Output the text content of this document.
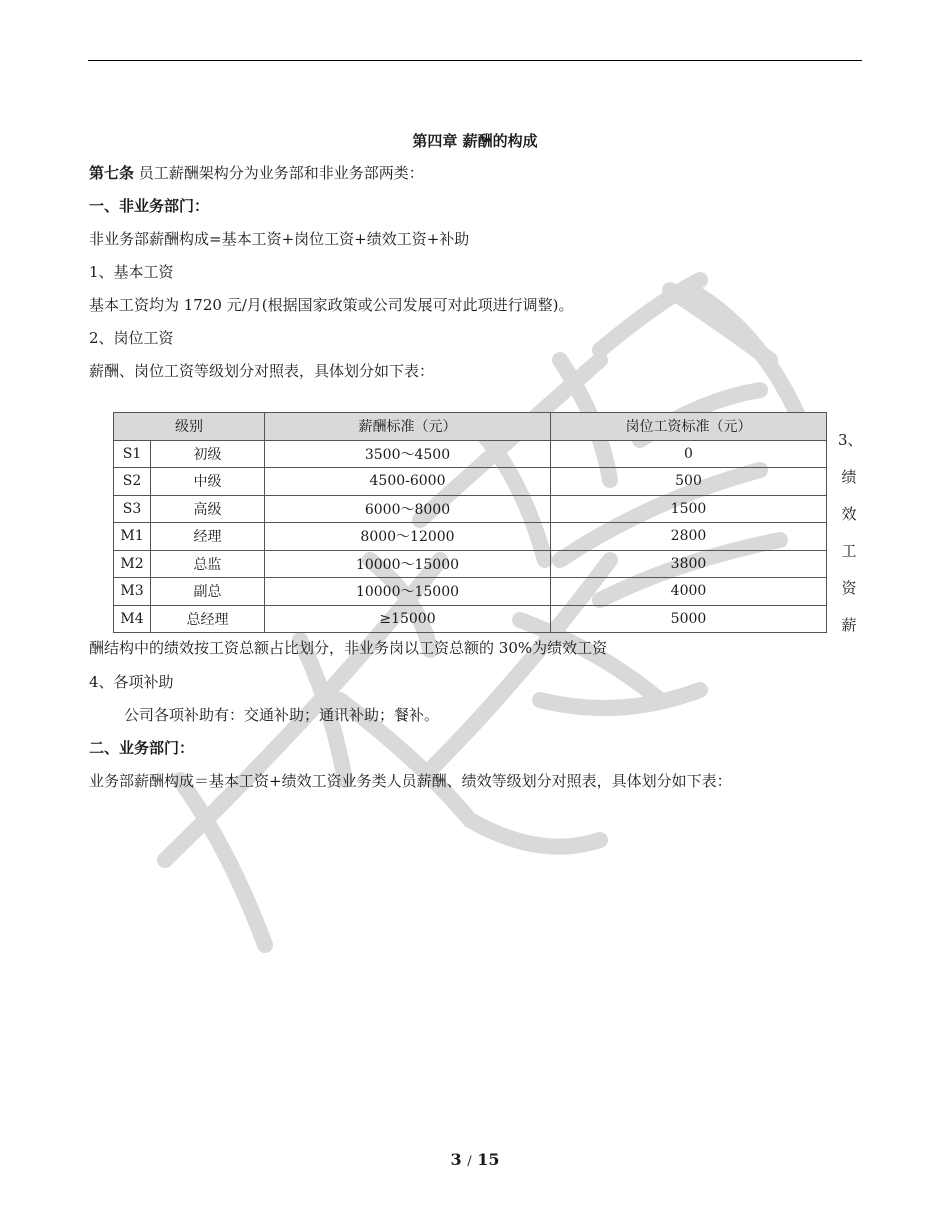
第四章 薪酬的构成
第七条 员工薪酬架构分为业务部和非业务部两类：
一、非业务部门：
非业务部薪酬构成=基本工资+岗位工资+绩效工资+补助
1、基本工资
基本工资均为 1720 元/月(根据国家政策或公司发展可对此项进行调整)。
2、岗位工资
薪酬、岗位工资等级划分对照表，具体划分如下表：
级别		薪酬标准（元）	岗位工资标准（元）
S1	初级	3500～4500	0
S2	中级	4500-6000	500
S3	高级	6000～8000	1500
M1	经理	8000～12000	2800
M2	总监	10000～15000	3800
M3	副总	10000～15000	4000
M4	总经理	≥15000	5000
3、
绩
效
工
资
薪
酬结构中的绩效按工资总额占比划分，非业务岗以工资总额的 30%为绩效工资
4、各项补助
公司各项补助有：交通补助；通讯补助；餐补。
二、业务部门：
业务部薪酬构成＝基本工资+绩效工资业务类人员薪酬、绩效等级划分对照表，具体划分如下表：
3 / 15
